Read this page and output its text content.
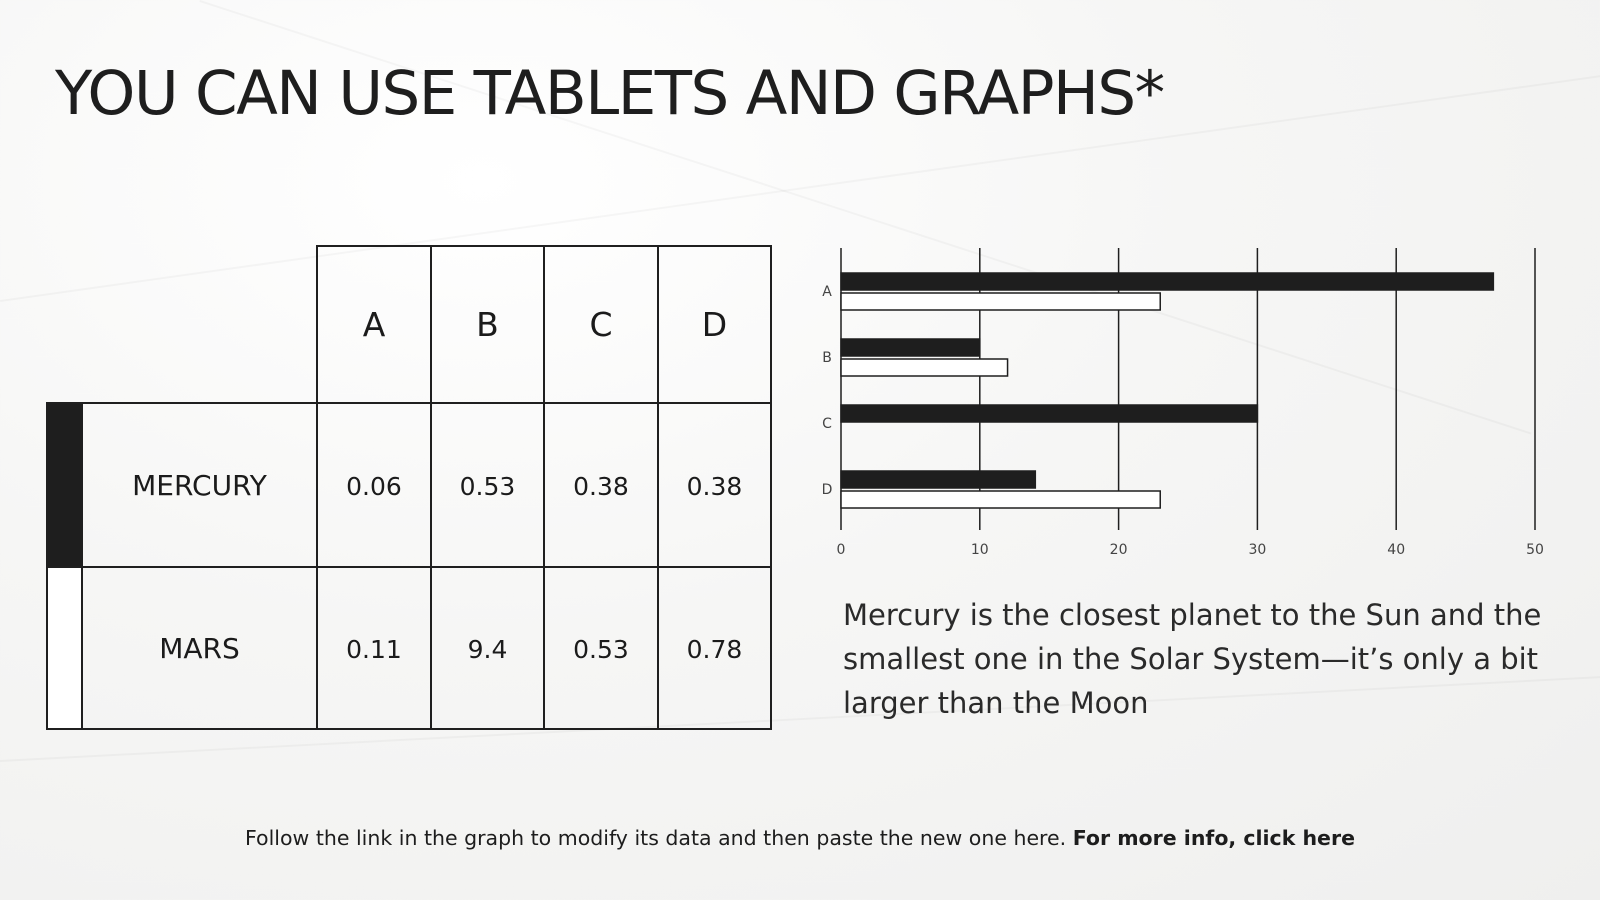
YOU CAN USE TABLETS AND GRAPHS*
A	B	C	D
MERCURY	0.06	0.53	0.38	0.38
MARS	0.11	9.4	0.53	0.78
0	10	20	30	40	50
A
B
C
D

Mercury is the closest planet to the Sun and the smallest one in the Solar System—it’s only a bit larger than the Moon

Follow the link in the graph to modify its data and then paste the new one here. For more info, click here
